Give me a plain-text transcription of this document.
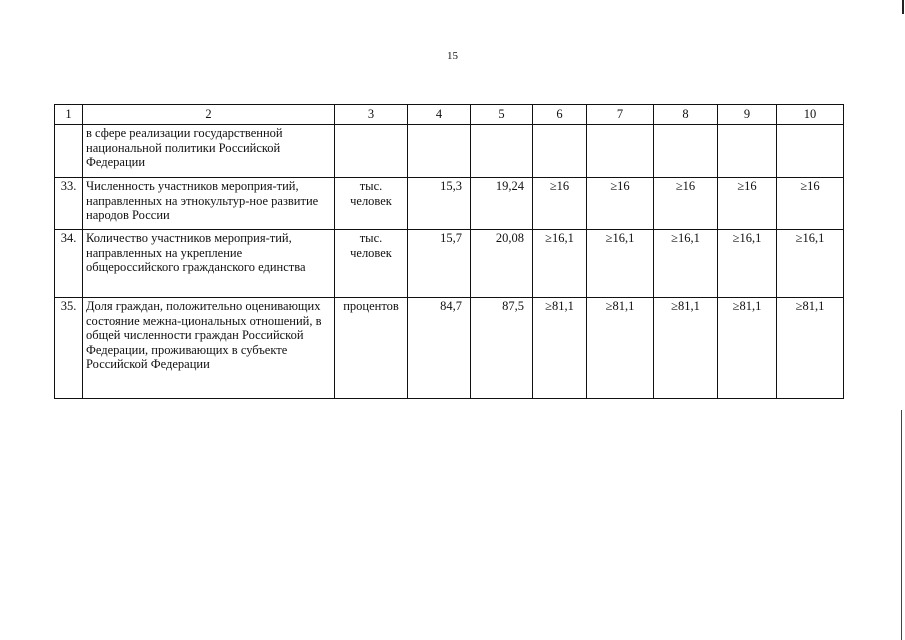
15
1	2	3	4	5	6	7	8	9	10
	в сфере реализации государственной национальной политики Российской Федерации								
33.	Численность участников мероприя-тий, направленных на этнокультур-ное развитие народов России	тыс. человек	15,3	19,24	≥16	≥16	≥16	≥16	≥16
34.	Количество участников мероприя-тий, направленных на укрепление общероссийского гражданского единства	тыс. человек	15,7	20,08	≥16,1	≥16,1	≥16,1	≥16,1	≥16,1
35.	Доля граждан, положительно оценивающих состояние межна-циональных отношений, в общей численности граждан Российской Федерации, проживающих в субъекте Российской Федерации	процентов	84,7	87,5	≥81,1	≥81,1	≥81,1	≥81,1	≥81,1
